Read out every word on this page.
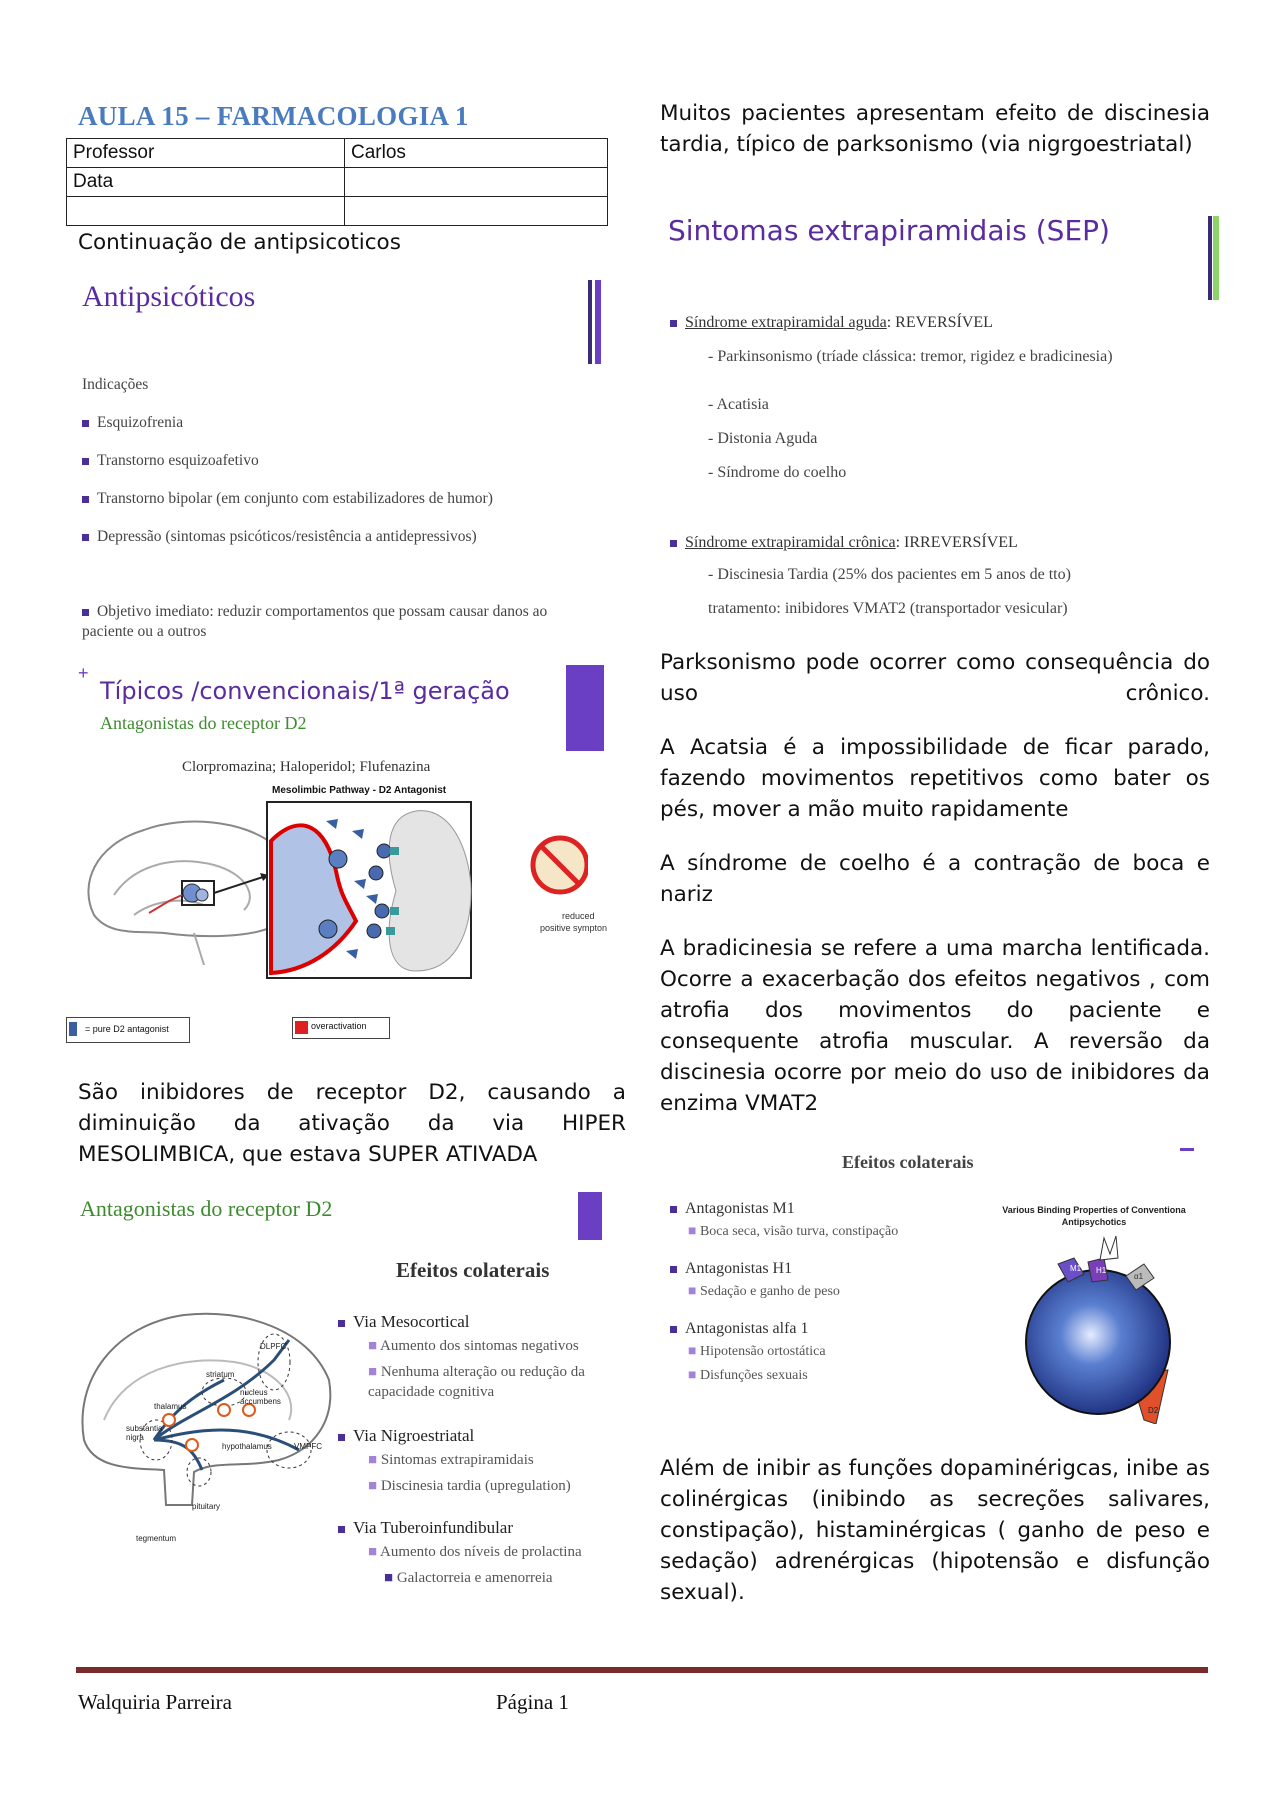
AULA 15 – FARMACOLOGIA 1
Professor	Carlos
Data	

Continuação de antipsicoticos
Antipsicóticos
Indicações
Esquizofrenia
Transtorno esquizoafetivo
Transtorno bipolar (em conjunto com estabilizadores de humor)
Depressão (sintomas psicóticos/resistência a antidepressivos)
Objetivo imediato: reduzir comportamentos que possam causar danos ao paciente ou a outros
+
Típicos /convencionais/1ª geração
Antagonistas do receptor D2
Clorpromazina; Haloperidol; Flufenazina
Mesolimbic Pathway - D2 Antagonist
reduced
positive sympton
= pure D2 antagonist	overactivation
São inibidores de receptor D2, causando a diminuição da ativação da via HIPER MESOLIMBICA, que estava SUPER ATIVADA
Antagonistas do receptor D2
Efeitos colaterais
DLPFC
striatum
nucleus accumbens
thalamus
substantia nigra
hypothalamus	VMPFC
pituitary
tegmentum
Via Mesocortical
■ Aumento dos sintomas negativos
■ Nenhuma alteração ou redução da capacidade cognitiva
Via Nigroestriatal
■ Sintomas extrapiramidais
■ Discinesia tardia (upregulation)
Via Tuberoinfundibular
■ Aumento dos níveis de prolactina
■ Galactorreia e amenorreia
Muitos pacientes apresentam efeito de discinesia tardia, típico de parksonismo (via nigrgoestriatal)
Sintomas extrapiramidais (SEP)
Síndrome extrapiramidal aguda: REVERSÍVEL
- Parkinsonismo (tríade clássica: tremor, rigidez e bradicinesia)
- Acatisia
- Distonia Aguda
- Síndrome do coelho
Síndrome extrapiramidal crônica: IRREVERSÍVEL
- Discinesia Tardia (25% dos pacientes em 5 anos de tto)
tratamento: inibidores VMAT2 (transportador vesicular)
Parksonismo pode ocorrer como consequência do uso crônico.
A Acatsia é a impossibilidade de ficar parado, fazendo movimentos repetitivos como bater os pés, mover a mão muito rapidamente
A síndrome de coelho é a contração de boca e nariz
A bradicinesia se refere a uma marcha lentificada. Ocorre a exacerbação dos efeitos negativos , com atrofia dos movimentos do paciente e consequente atrofia muscular. A reversão da discinesia ocorre por meio do uso de inibidores da enzima VMAT2
Efeitos colaterais
Antagonistas M1
■ Boca seca, visão turva, constipação
Antagonistas H1
■ Sedação e ganho de peso
Antagonistas alfa 1
■ Hipotensão ortostática
■ Disfunções sexuais
Various Binding Properties of Conventiona Antipsychotics
M1 H1
α1
D2
Além de inibir as funções dopaminérigcas, inibe as colinérgicas (inibindo as secreções salivares, constipação), histaminérgicas ( ganho de peso e sedação) adrenérgicas (hipotensão e disfunção sexual).
Walquiria Parreira	Página 1
